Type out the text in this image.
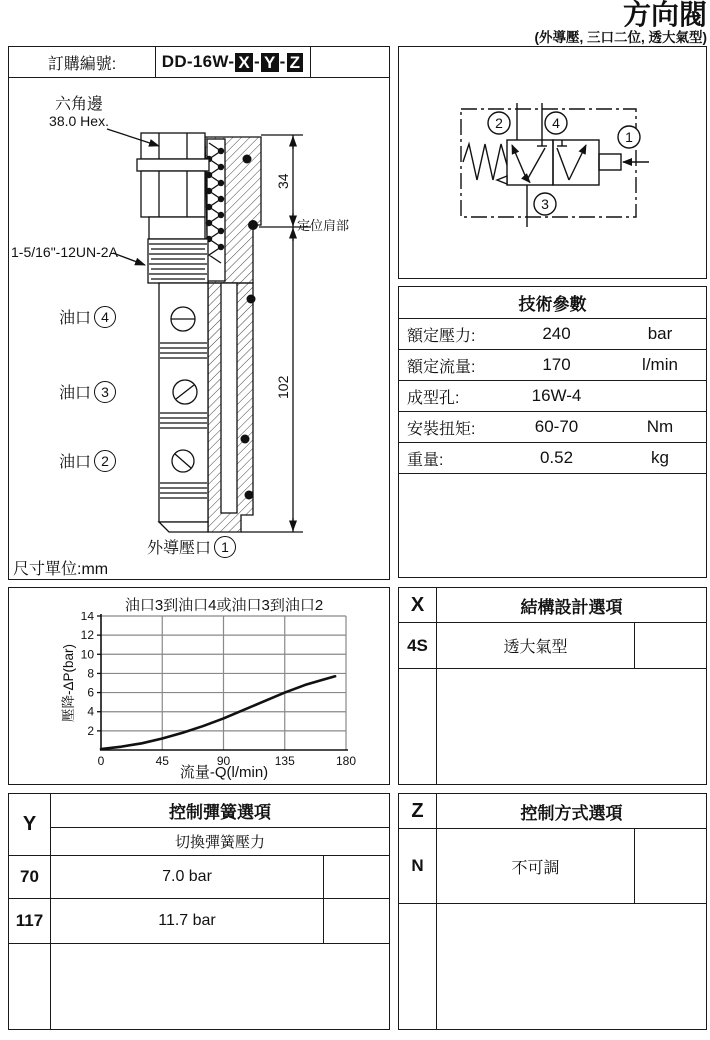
方向閥
(外導壓, 三口二位, 透大氣型)
訂購編號:	DD-16W- X - Y - Z
34
102
六角邊
38.0 Hex.
1-5/16"-12UN-2A
定位肩部
油口 4
油口 3
油口 2
外導壓口 1
尺寸單位:mm
2	4
3
1
技術參數
額定壓力:	240	bar
額定流量:	170	l/min
成型孔:	16W-4
安裝扭矩:	60-70	Nm
重量:	0.52	kg
油口3到油口4或油口3到油口2
壓降-ΔP(bar)
2
4
6
8
10
12
14
0	45	90	135	180
流量-Q(l/min)
X	結構設計選項
4S	透大氣型
Y
控制彈簧選項
切換彈簧壓力
70	7.0 bar
117	11.7 bar
Z	控制方式選項
N	不可調
